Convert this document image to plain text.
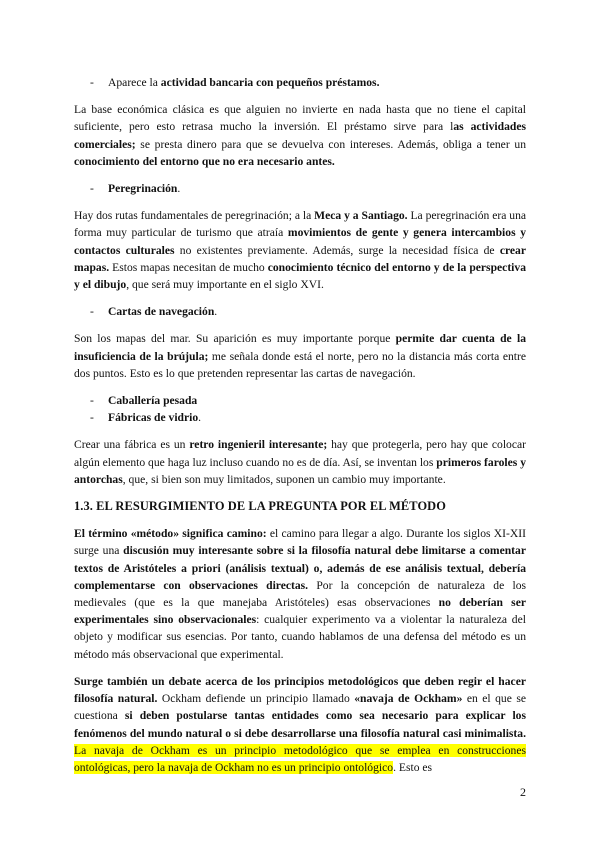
- Aparece la actividad bancaria con pequeños préstamos.

La base económica clásica es que alguien no invierte en nada hasta que no tiene el capital suficiente, pero esto retrasa mucho la inversión. El préstamo sirve para las actividades comerciales; se presta dinero para que se devuelva con intereses. Además, obliga a tener un conocimiento del entorno que no era necesario antes.

- Peregrinación.

Hay dos rutas fundamentales de peregrinación; a la Meca y a Santiago. La peregrinación era una forma muy particular de turismo que atraía movimientos de gente y genera intercambios y contactos culturales no existentes previamente. Además, surge la necesidad física de crear mapas. Estos mapas necesitan de mucho conocimiento técnico del entorno y de la perspectiva y el dibujo, que será muy importante en el siglo XVI.

- Cartas de navegación.

Son los mapas del mar. Su aparición es muy importante porque permite dar cuenta de la insuficiencia de la brújula; me señala donde está el norte, pero no la distancia más corta entre dos puntos. Esto es lo que pretenden representar las cartas de navegación.

- Caballería pesada

- Fábricas de vidrio.

Crear una fábrica es un retro ingenieril interesante; hay que protegerla, pero hay que colocar algún elemento que haga luz incluso cuando no es de día. Así, se inventan los primeros faroles y antorchas, que, si bien son muy limitados, suponen un cambio muy importante.

1.3. EL RESURGIMIENTO DE LA PREGUNTA POR EL MÉTODO

El término «método» significa camino: el camino para llegar a algo. Durante los siglos XI-XII surge una discusión muy interesante sobre si la filosofía natural debe limitarse a comentar textos de Aristóteles a priori (análisis textual) o, además de ese análisis textual, debería complementarse con observaciones directas. Por la concepción de naturaleza de los medievales (que es la que manejaba Aristóteles) esas observaciones no deberían ser experimentales sino observacionales: cualquier experimento va a violentar la naturaleza del objeto y modificar sus esencias. Por tanto, cuando hablamos de una defensa del método es un método más observacional que experimental.

Surge también un debate acerca de los principios metodológicos que deben regir el hacer filosofía natural. Ockham defiende un principio llamado «navaja de Ockham» en el que se cuestiona si deben postularse tantas entidades como sea necesario para explicar los fenómenos del mundo natural o si debe desarrollarse una filosofía natural casi minimalista. La navaja de Ockham es un principio metodológico que se emplea en construcciones ontológicas, pero la navaja de Ockham no es un principio ontológico. Esto es

2
